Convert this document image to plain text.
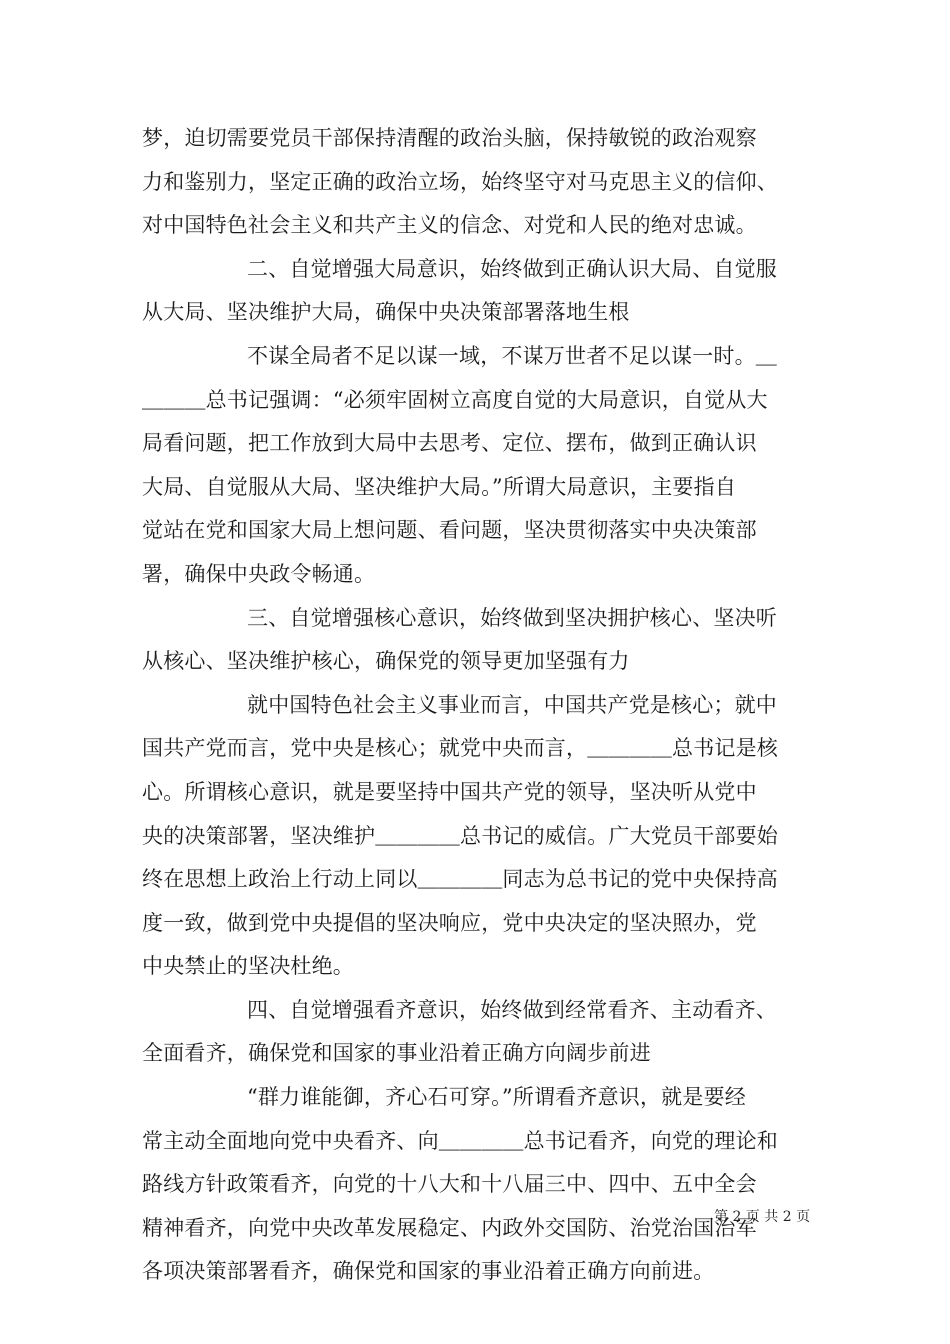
梦，迫切需要党员干部保持清醒的政治头脑，保持敏锐的政治观察
力和鉴别力，坚定正确的政治立场，始终坚守对马克思主义的信仰、
对中国特色社会主义和共产主义的信念、对党和人民的绝对忠诚。
二、自觉增强大局意识，始终做到正确认识大局、自觉服
从大局、坚决维护大局，确保中央决策部署落地生根
不谋全局者不足以谋一域，不谋万世者不足以谋一时。＿
＿＿＿总书记强调：“必须牢固树立高度自觉的大局意识，自觉从大
局看问题，把工作放到大局中去思考、定位、摆布，做到正确认识
大局、自觉服从大局、坚决维护大局。”所谓大局意识，主要指自
觉站在党和国家大局上想问题、看问题，坚决贯彻落实中央决策部
署，确保中央政令畅通。
三、自觉增强核心意识，始终做到坚决拥护核心、坚决听
从核心、坚决维护核心，确保党的领导更加坚强有力
就中国特色社会主义事业而言，中国共产党是核心；就中
国共产党而言，党中央是核心；就党中央而言，＿＿＿＿总书记是核
心。所谓核心意识，就是要坚持中国共产党的领导，坚决听从党中
央的决策部署，坚决维护＿＿＿＿总书记的威信。广大党员干部要始
终在思想上政治上行动上同以＿＿＿＿同志为总书记的党中央保持高
度一致，做到党中央提倡的坚决响应，党中央决定的坚决照办，党
中央禁止的坚决杜绝。
四、自觉增强看齐意识，始终做到经常看齐、主动看齐、
全面看齐，确保党和国家的事业沿着正确方向阔步前进
“群力谁能御，齐心石可穿。”所谓看齐意识，就是要经
常主动全面地向党中央看齐、向＿＿＿＿总书记看齐，向党的理论和
路线方针政策看齐，向党的十八大和十八届三中、四中、五中全会
精神看齐，向党中央改革发展稳定、内政外交国防、治党治国治军
各项决策部署看齐，确保党和国家的事业沿着正确方向前进。
第 2 页 共 2 页
